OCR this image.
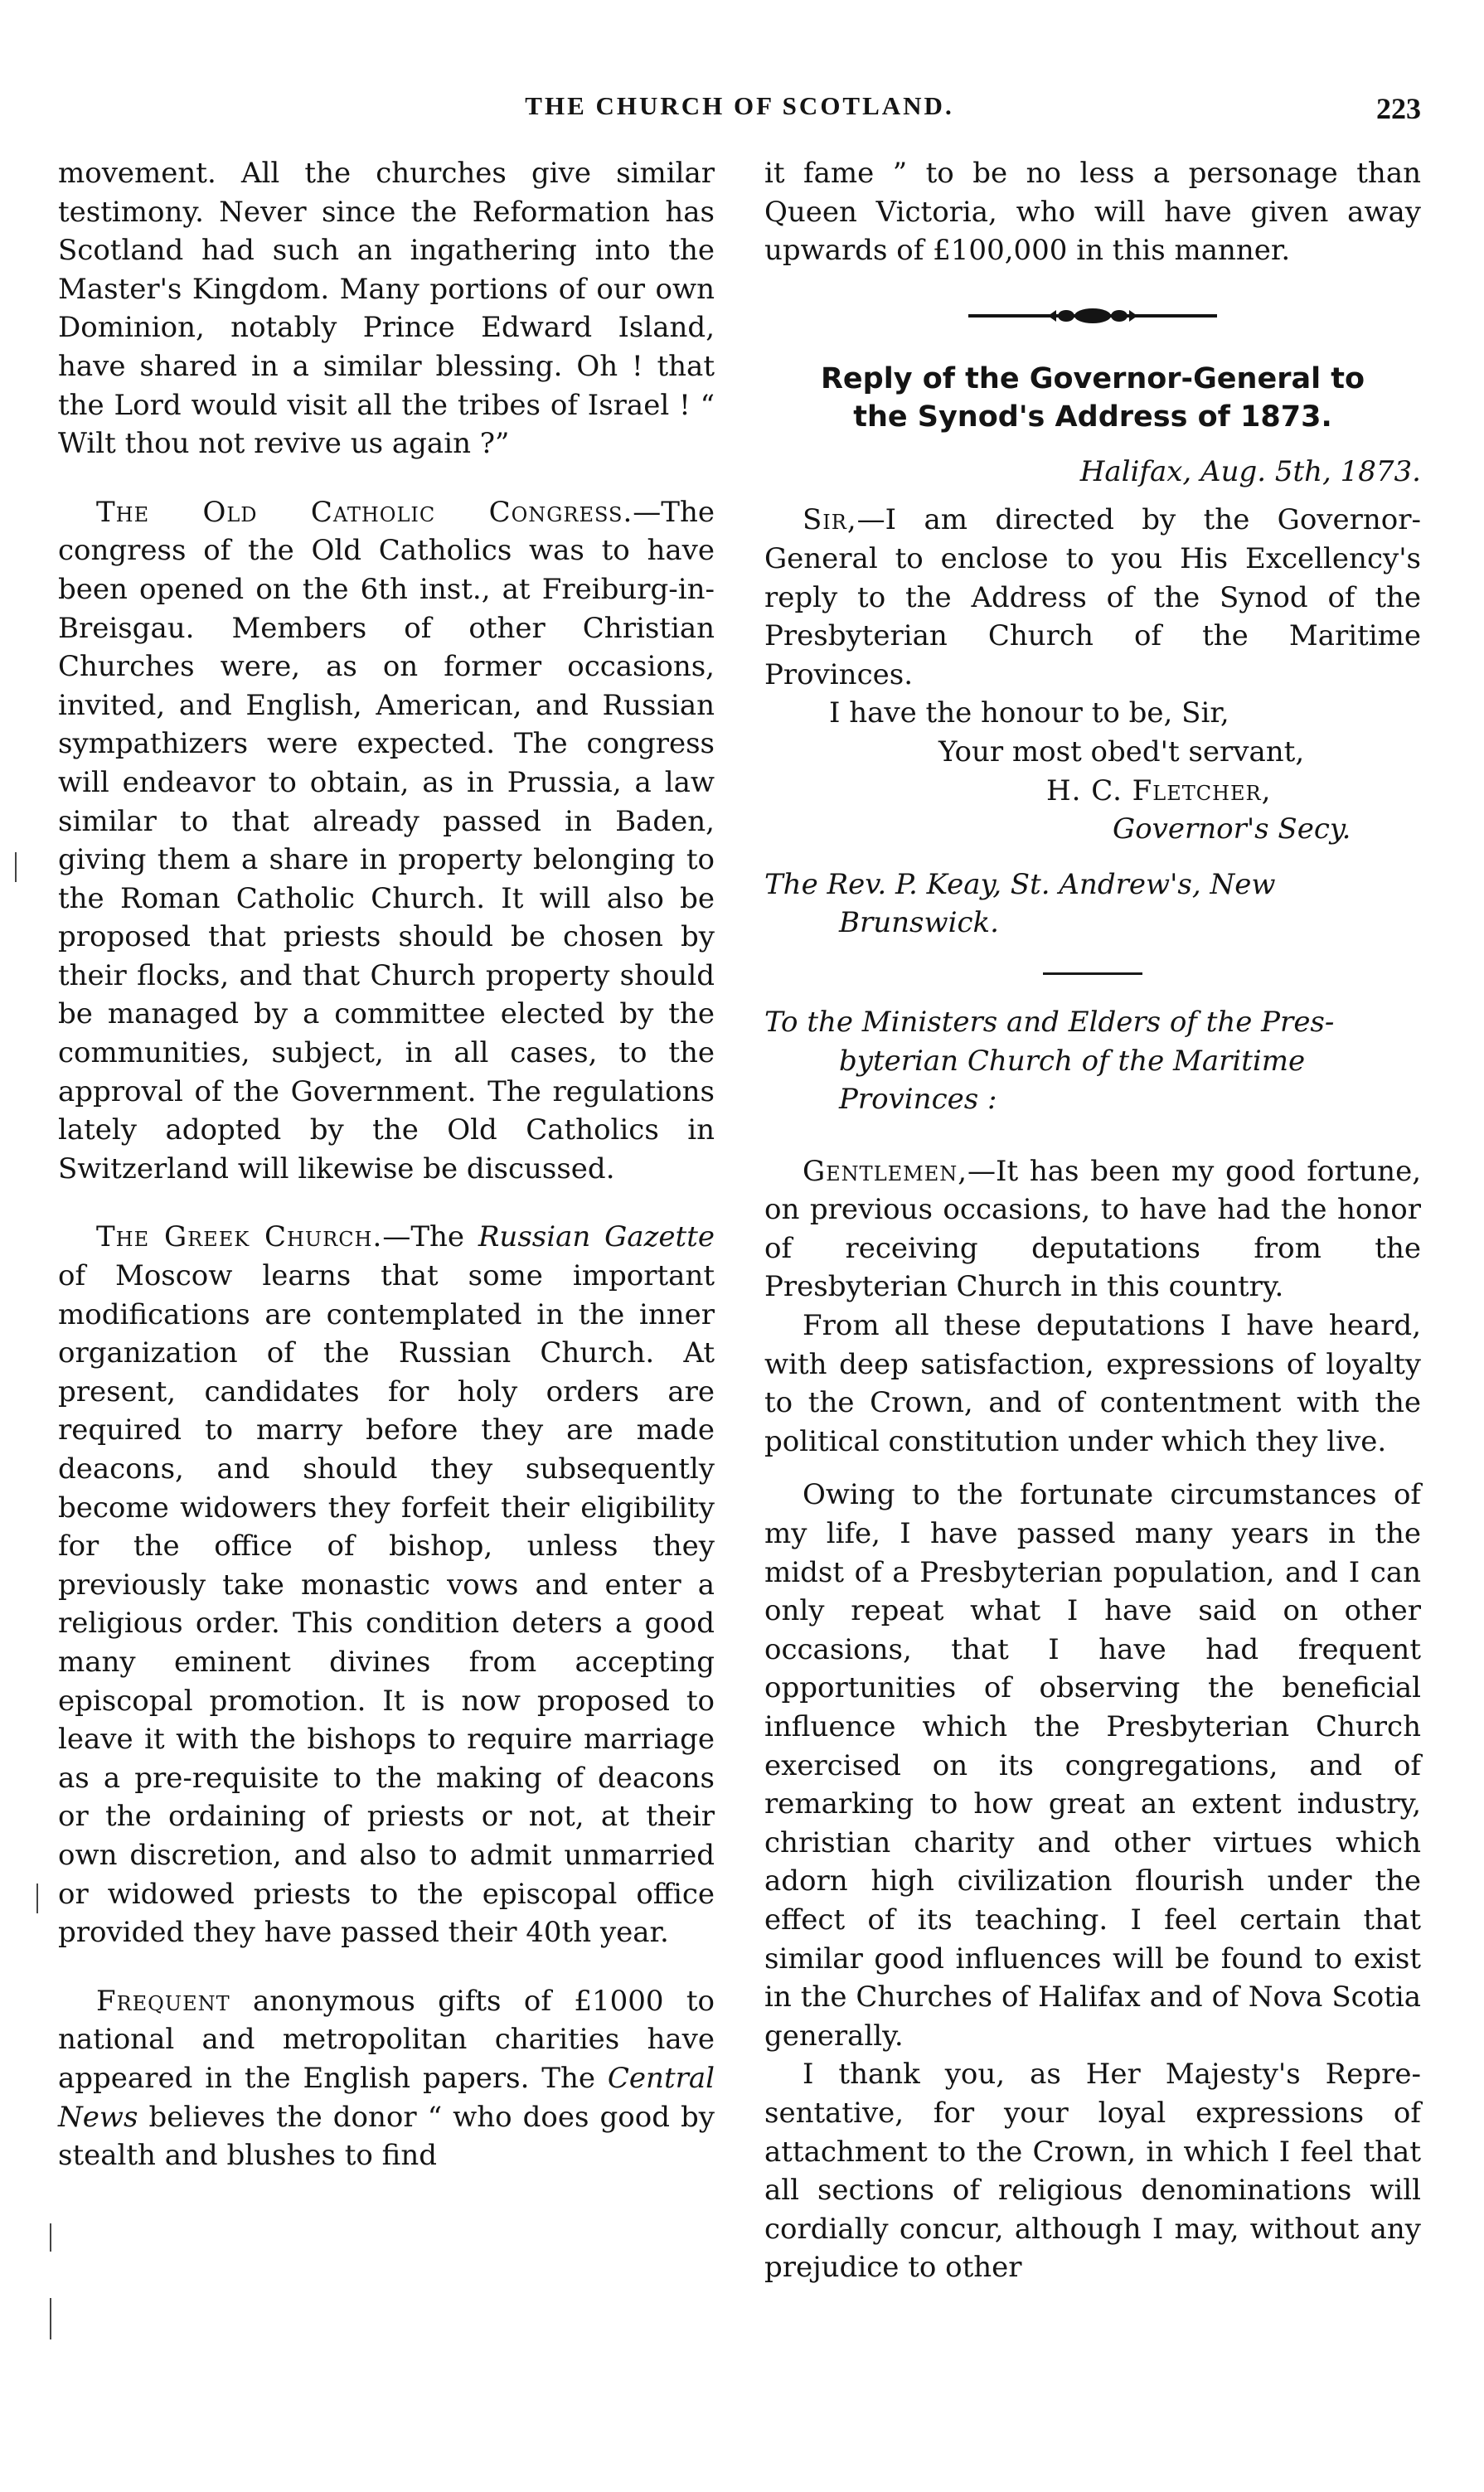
THE CHURCH OF SCOTLAND.	223

movement. All the churches give similar testimony. Never since the Reformation has Scotland had such an ingathering into the Master's Kingdom. Many portions of our own Dominion, notably Prince Edward Island, have shared in a similar blessing. Oh ! that the Lord would visit all the tribes of Israel ! “ Wilt thou not revive us again ?”

The Old Catholic Congress.—The congress of the Old Catholics was to have been opened on the 6th inst., at Freiburg-in-Breisgau. Members of other Christian Churches were, as on former occasions, invited, and English, American, and Russian sympathizers were expected. The congress will endeavor to obtain, as in Prussia, a law similar to that already passed in Baden, giving them a share in property belonging to the Roman Catholic Church. It will also be proposed that priests should be chosen by their flocks, and that Church property should be managed by a committee elected by the communities, subject, in all cases, to the approval of the Government. The regulations lately adopted by the Old Catholics in Switzerland will likewise be discussed.

The Greek Church.—The Russian Gazette of Moscow learns that some important modifications are contemplated in the inner organization of the Russian Church. At present, candidates for holy orders are required to marry before they are made deacons, and should they subsequently become widowers they forfeit their eligibility for the office of bishop, unless they previously take monastic vows and enter a religious order. This condition deters a good many eminent divines from accepting episcopal promotion. It is now proposed to leave it with the bishops to require marriage as a pre-requisite to the making of deacons or the ordaining of priests or not, at their own discretion, and also to admit unmarried or widowed priests to the episcopal office provided they have passed their 40th year.

Frequent anonymous gifts of £1000 to national and metropolitan charities have appeared in the English papers. The Central News believes the donor “ who does good by stealth and blushes to find

it fame ” to be no less a personage than Queen Victoria, who will have given away upwards of £100,000 in this manner.

Reply of the Governor-General to
the Synod's Address of 1873.

Halifax, Aug. 5th, 1873.

Sir,—I am directed by the Governor-General to enclose to you His Excellency's reply to the Address of the Synod of the Presbyterian Church of the Maritime Provinces.

I have the honour to be, Sir,

Your most obed't servant,

H. C. Fletcher,

Governor's Secy.

The Rev. P. Keay, St. Andrew's, New Brunswick.

To the Ministers and Elders of the Presbyterian Church of the Maritime Provinces :

Gentlemen,—It has been my good fortune, on previous occasions, to have had the honor of receiving deputations from the Presbyterian Church in this country.

From all these deputations I have heard, with deep satisfaction, expressions of loyalty to the Crown, and of contentment with the political constitution under which they live.

Owing to the fortunate circumstances of my life, I have passed many years in the midst of a Presbyterian population, and I can only repeat what I have said on other occasions, that I have had frequent opportunities of observing the beneficial influence which the Presbyterian Church exercised on its congregations, and of remarking to how great an extent industry, christian charity and other virtues which adorn high civilization flourish under the effect of its teaching. I feel certain that similar good influences will be found to exist in the Churches of Halifax and of Nova Scotia generally.

I thank you, as Her Majesty's Representative, for your loyal expressions of attachment to the Crown, in which I feel that all sections of religious denominations will cordially concur, although I may, without any prejudice to other
